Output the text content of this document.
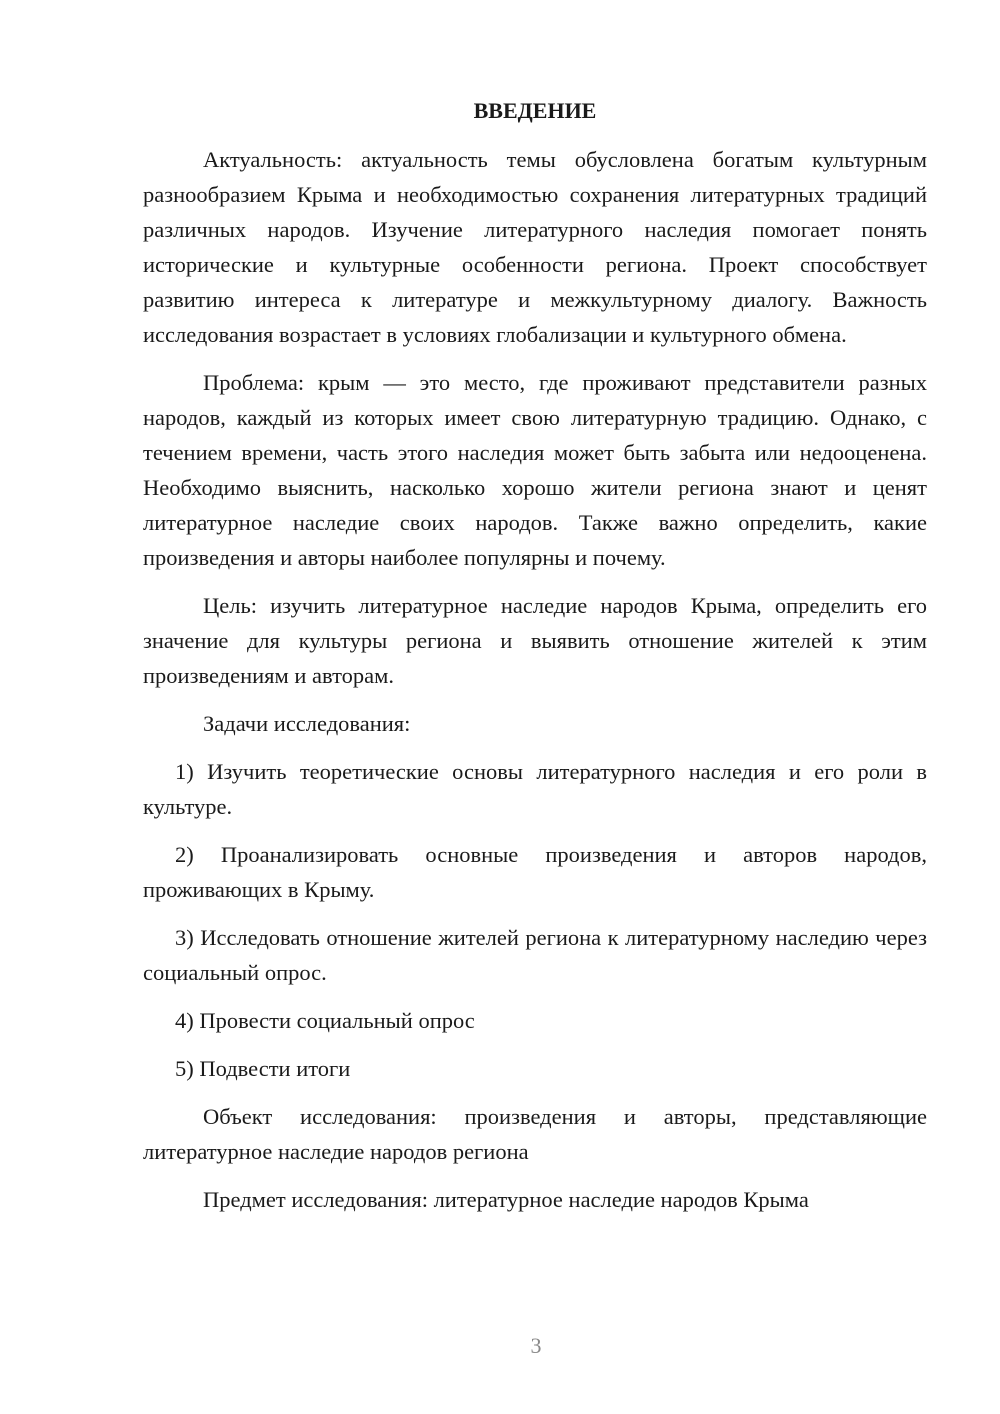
ВВЕДЕНИЕ

Актуальность: актуальность темы обусловлена богатым культурным разнообразием Крыма и необходимостью сохранения литературных традиций различных народов. Изучение литературного наследия помогает понять исторические и культурные особенности региона. Проект способствует развитию интереса к литературе и межкультурному диалогу. Важность исследования возрастает в условиях глобализации и культурного обмена.

Проблема: крым — это место, где проживают представители разных народов, каждый из которых имеет свою литературную традицию. Однако, с течением времени, часть этого наследия может быть забыта или недооценена. Необходимо выяснить, насколько хорошо жители региона знают и ценят литературное наследие своих народов. Также важно определить, какие произведения и авторы наиболее популярны и почему.

Цель: изучить литературное наследие народов Крыма, определить его значение для культуры региона и выявить отношение жителей к этим произведениям и авторам.

Задачи исследования:

1) Изучить теоретические основы литературного наследия и его роли в культуре.

2) Проанализировать основные произведения и авторов народов, проживающих в Крыму.

3) Исследовать отношение жителей региона к литературному наследию через социальный опрос.

4) Провести социальный опрос

5) Подвести итоги

Объект исследования: произведения и авторы, представляющие литературное наследие народов региона

Предмет исследования: литературное наследие народов Крыма

3
